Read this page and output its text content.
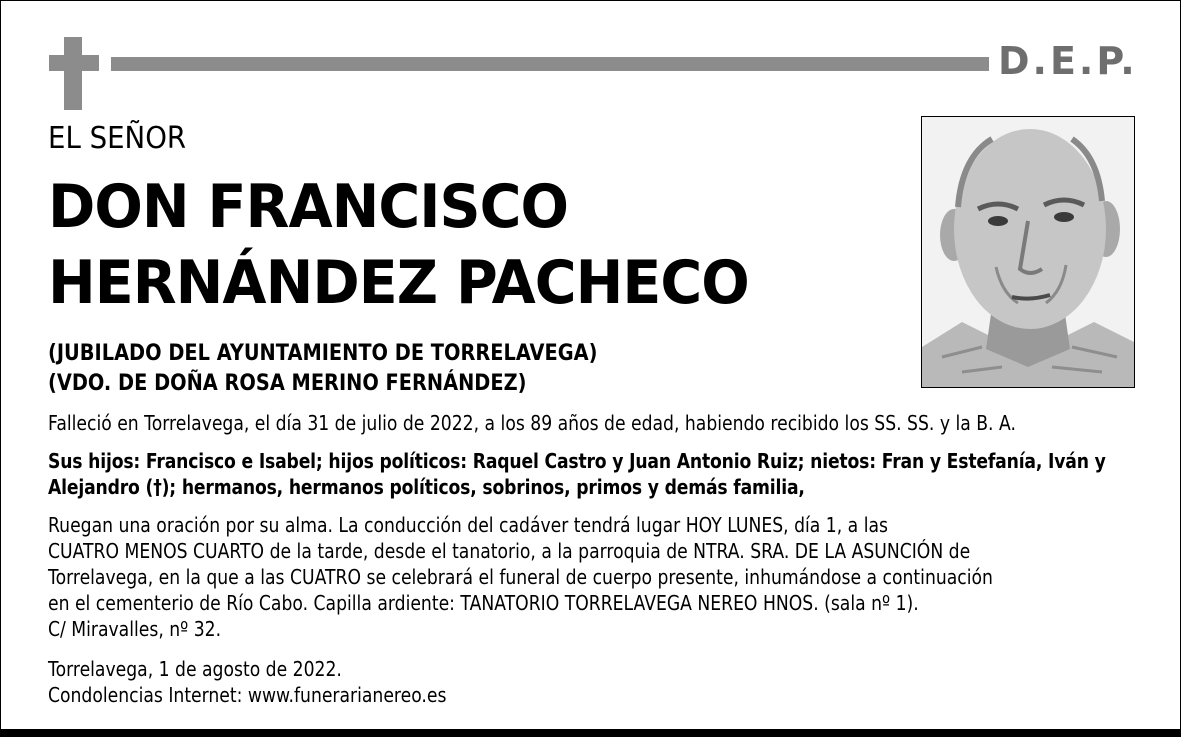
D.E.P.
EL SEÑOR
DON FRANCISCO
HERNÁNDEZ PACHECO
(JUBILADO DEL AYUNTAMIENTO DE TORRELAVEGA)
(VDO. DE DOÑA ROSA MERINO FERNÁNDEZ)
Falleció en Torrelavega, el día 31 de julio de 2022, a los 89 años de edad, habiendo recibido los SS. SS. y la B. A.
Sus hijos: Francisco e Isabel; hijos políticos: Raquel Castro y Juan Antonio Ruiz; nietos: Fran y Estefanía, Iván y
Alejandro (†); hermanos, hermanos políticos, sobrinos, primos y demás familia,
Ruegan una oración por su alma. La conducción del cadáver tendrá lugar HOY LUNES, día 1, a las
CUATRO MENOS CUARTO de la tarde, desde el tanatorio, a la parroquia de NTRA. SRA. DE LA ASUNCIÓN de
Torrelavega, en la que a las CUATRO se celebrará el funeral de cuerpo presente, inhumándose a continuación
en el cementerio de Río Cabo. Capilla ardiente: TANATORIO TORRELAVEGA NEREO HNOS. (sala nº 1).
C/ Miravalles, nº 32.
Torrelavega, 1 de agosto de 2022.
Condolencias Internet: www.funerarianereo.es
